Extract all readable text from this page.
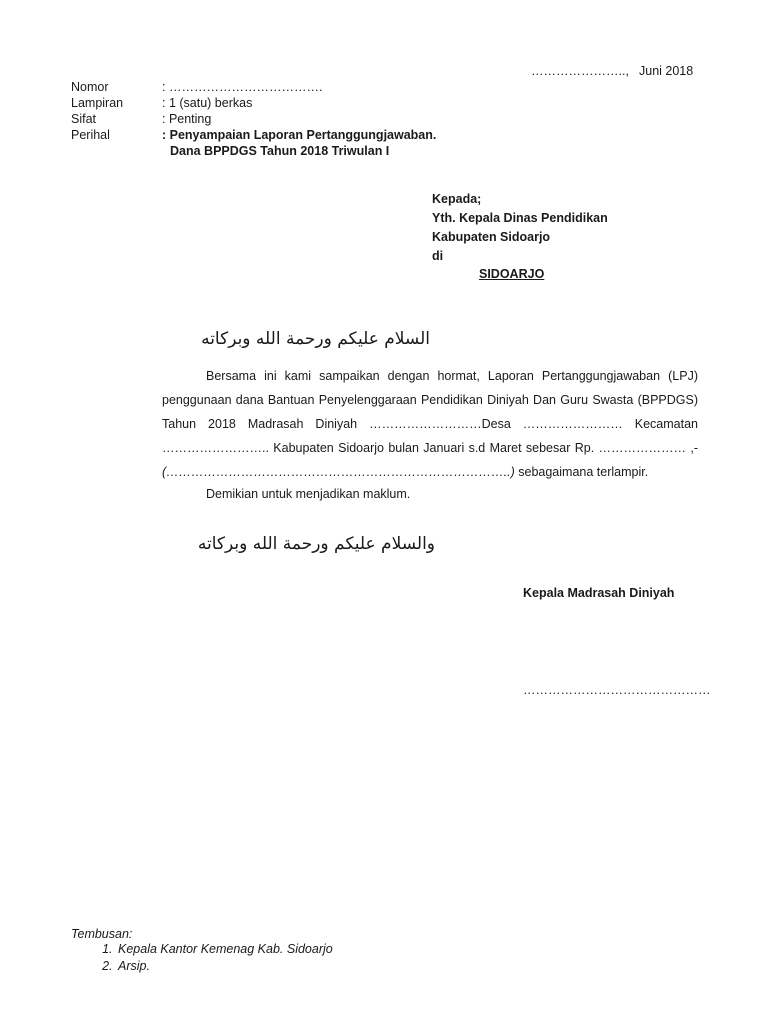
………………….., Juni 2018
Nomor	: ……………………………….
Lampiran	: 1 (satu) berkas
Sifat	: Penting
Perihal	: Penyampaian Laporan Pertanggungjawaban.
Dana BPPDGS Tahun 2018 Triwulan I
Kepada;
Yth. Kepala Dinas Pendidikan
Kabupaten Sidoarjo
di
SIDOARJO
السلام عليكم ورحمة الله وبركاته
Bersama ini kami sampaikan dengan hormat, Laporan Pertanggungjawaban (LPJ) penggunaan dana Bantuan Penyelenggaraan Pendidikan Diniyah Dan Guru Swasta (BPPDGS) Tahun 2018 Madrasah Diniyah ………………………Desa …………………… Kecamatan …………………….. Kabupaten Sidoarjo bulan Januari s.d Maret sebesar Rp. ………………… ,- (………………………………………………………………………..) sebagaimana terlampir.
Demikian untuk menjadikan maklum.
والسلام عليكم ورحمة الله وبركاته
Kepala Madrasah Diniyah
………………………………………
Tembusan:
1. Kepala Kantor Kemenag Kab. Sidoarjo
2. Arsip.
